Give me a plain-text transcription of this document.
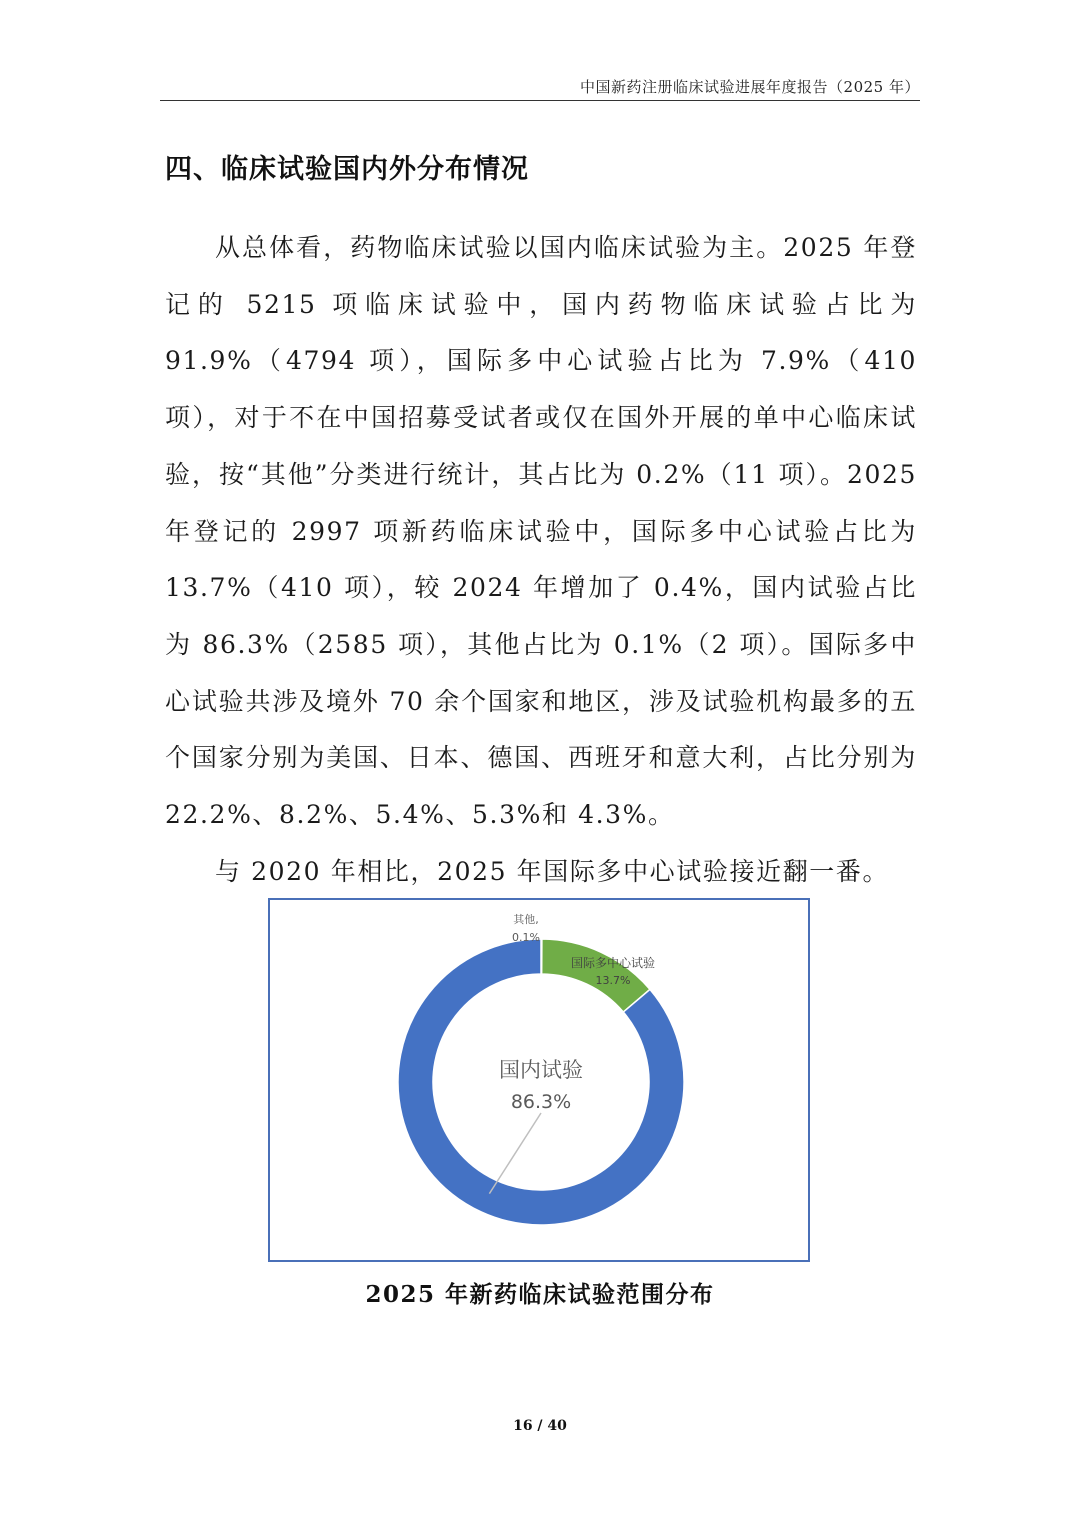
中国新药注册临床试验进展年度报告（2025 年）
四、临床试验国内外分布情况

从总体看，药物临床试验以国内临床试验为主。2025 年登记的 5215 项临床试验中，国内药物临床试验占比为 91.9%（4794 项），国际多中心试验占比为 7.9%（410 项），对于不在中国招募受试者或仅在国外开展的单中心临床试验，按“其他”分类进行统计，其占比为 0.2%（11 项）。2025 年登记的 2997 项新药临床试验中，国际多中心试验占比为 13.7%（410 项），较 2024 年增加了 0.4%，国内试验占比为 86.3%（2585 项），其他占比为 0.1%（2 项）。国际多中心试验共涉及境外 70 余个国家和地区，涉及试验机构最多的五个国家分别为美国、日本、德国、西班牙和意大利，占比分别为 22.2%、8.2%、5.4%、5.3%和 4.3%。

与 2020 年相比，2025 年国际多中心试验接近翻一番。

其他,
0.1%
国际多中心试验
13.7%
国内试验
86.3%
2025 年新药临床试验范围分布
16 / 40
